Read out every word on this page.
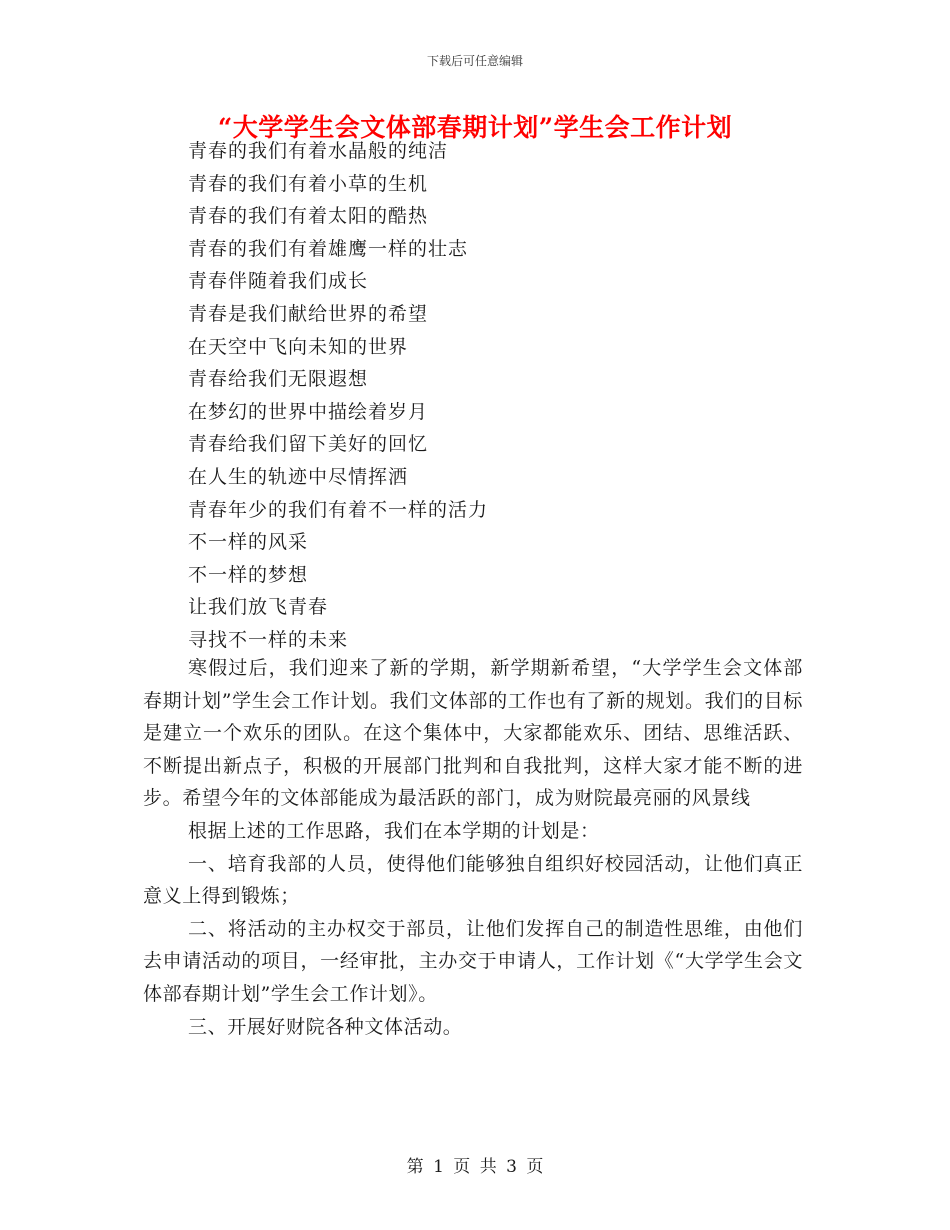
下载后可任意编辑
“大学学生会文体部春期计划”学生会工作计划
青春的我们有着水晶般的纯洁
青春的我们有着小草的生机
青春的我们有着太阳的酷热
青春的我们有着雄鹰一样的壮志
青春伴随着我们成长
青春是我们献给世界的希望
在天空中飞向未知的世界
青春给我们无限遐想
在梦幻的世界中描绘着岁月
青春给我们留下美好的回忆
在人生的轨迹中尽情挥洒
青春年少的我们有着不一样的活力
不一样的风采
不一样的梦想
让我们放飞青春
寻找不一样的未来

寒假过后，我们迎来了新的学期，新学期新希望，“大学学生会文体部春期计划”学生会工作计划。我们文体部的工作也有了新的规划。我们的目标是建立一个欢乐的团队。在这个集体中，大家都能欢乐、团结、思维活跃、不断提出新点子，积极的开展部门批判和自我批判，这样大家才能不断的进步。希望今年的文体部能成为最活跃的部门，成为财院最亮丽的风景线

根据上述的工作思路，我们在本学期的计划是：

一、培育我部的人员，使得他们能够独自组织好校园活动，让他们真正意义上得到锻炼；

二、将活动的主办权交于部员，让他们发挥自己的制造性思维，由他们去申请活动的项目，一经审批，主办交于申请人，工作计划《“大学学生会文体部春期计划”学生会工作计划》。

三、开展好财院各种文体活动。

第 1 页 共 3 页
